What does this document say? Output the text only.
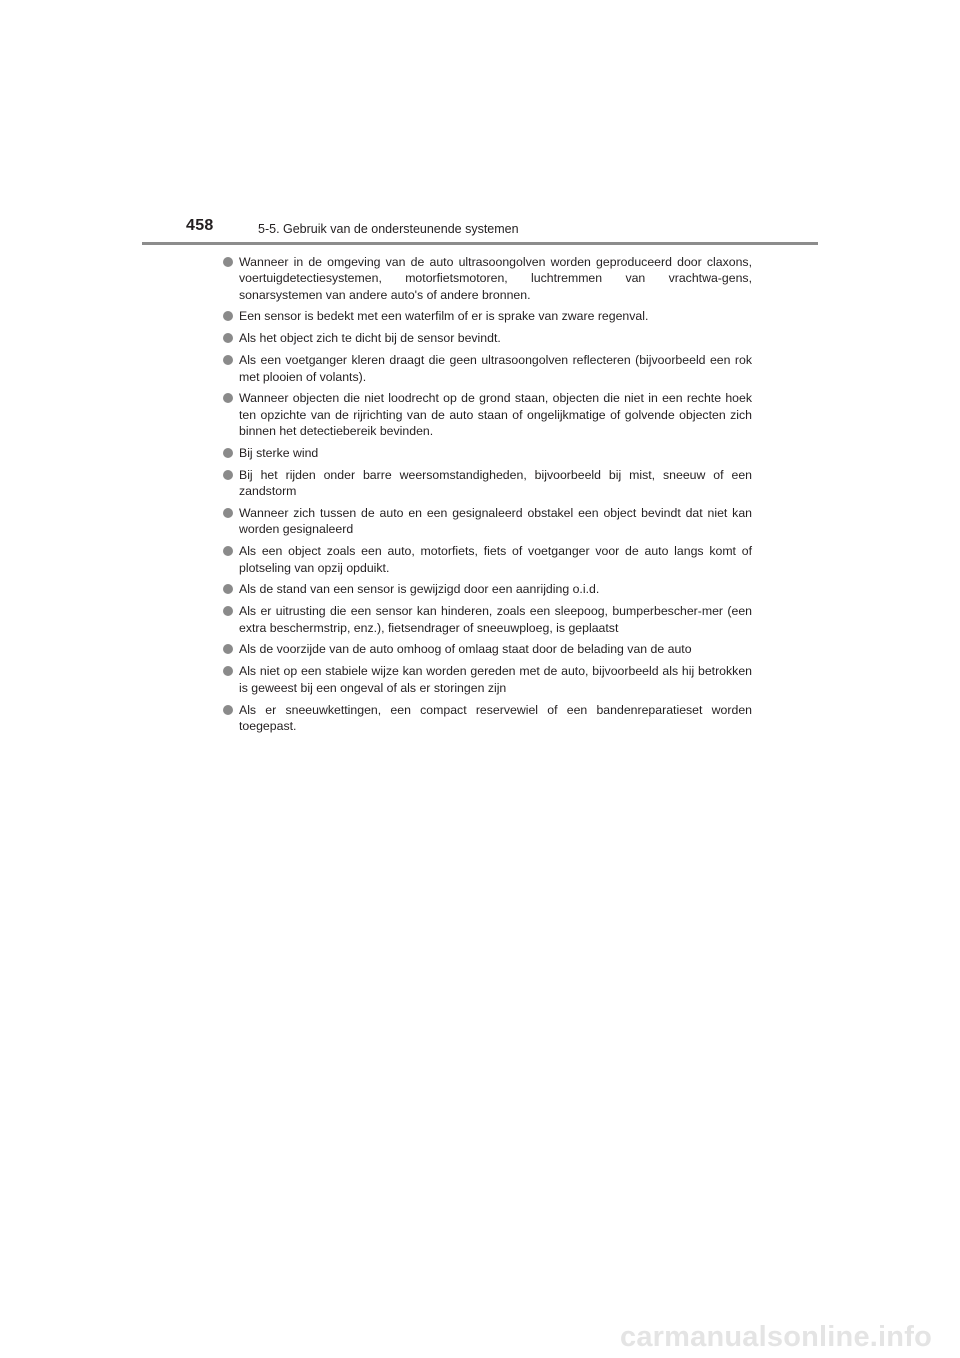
458	5-5. Gebruik van de ondersteunende systemen
Wanneer in de omgeving van de auto ultrasoongolven worden geproduceerd door claxons, voertuigdetectiesystemen, motorfietsmotoren, luchtremmen van vrachtwa-gens, sonarsystemen van andere auto's of andere bronnen.
Een sensor is bedekt met een waterfilm of er is sprake van zware regenval.
Als het object zich te dicht bij de sensor bevindt.
Als een voetganger kleren draagt die geen ultrasoongolven reflecteren (bijvoorbeeld een rok met plooien of volants).
Wanneer objecten die niet loodrecht op de grond staan, objecten die niet in een rechte hoek ten opzichte van de rijrichting van de auto staan of ongelijkmatige of golvende objecten zich binnen het detectiebereik bevinden.
Bij sterke wind
Bij het rijden onder barre weersomstandigheden, bijvoorbeeld bij mist, sneeuw of een zandstorm
Wanneer zich tussen de auto en een gesignaleerd obstakel een object bevindt dat niet kan worden gesignaleerd
Als een object zoals een auto, motorfiets, fiets of voetganger voor de auto langs komt of plotseling van opzij opduikt.
Als de stand van een sensor is gewijzigd door een aanrijding o.i.d.
Als er uitrusting die een sensor kan hinderen, zoals een sleepoog, bumperbescher-mer (een extra beschermstrip, enz.), fietsendrager of sneeuwploeg, is geplaatst
Als de voorzijde van de auto omhoog of omlaag staat door de belading van de auto
Als niet op een stabiele wijze kan worden gereden met de auto, bijvoorbeeld als hij betrokken is geweest bij een ongeval of als er storingen zijn
Als er sneeuwkettingen, een compact reservewiel of een bandenreparatieset worden toegepast.
carmanualsonline.info
